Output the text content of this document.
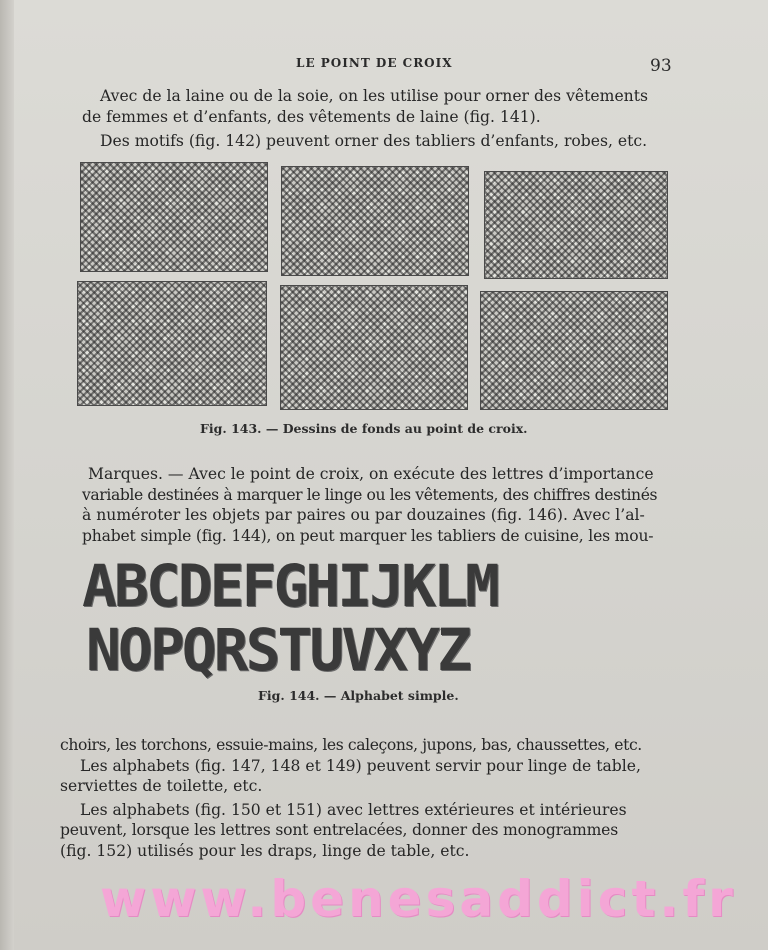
LE POINT DE CROIX	93
Avec de la laine ou de la soie, on les utilise pour orner des vêtements
de femmes et d’enfants, des vêtements de laine (fig. 141).
Des motifs (fig. 142) peuvent orner des tabliers d’enfants, robes, etc.
Fig. 143. — Dessins de fonds au point de croix.
Marques. — Avec le point de croix, on exécute des lettres d’importance
variable destinées à marquer le linge ou les vêtements, des chiffres destinés
à numéroter les objets par paires ou par douzaines (fig. 146). Avec l’al-
phabet simple (fig. 144), on peut marquer les tabliers de cuisine, les mou-
ABCDEFGHIJKLM
NOPQRSTUVXYZ
Fig. 144. — Alphabet simple.
choirs, les torchons, essuie-mains, les caleçons, jupons, bas, chaussettes, etc.
Les alphabets (fig. 147, 148 et 149) peuvent servir pour linge de table,
serviettes de toilette, etc.
Les alphabets (fig. 150 et 151) avec lettres extérieures et intérieures
peuvent, lorsque les lettres sont entrelacées, donner des monogrammes
(fig. 152) utilisés pour les draps, linge de table, etc.
www.benesaddict.fr
